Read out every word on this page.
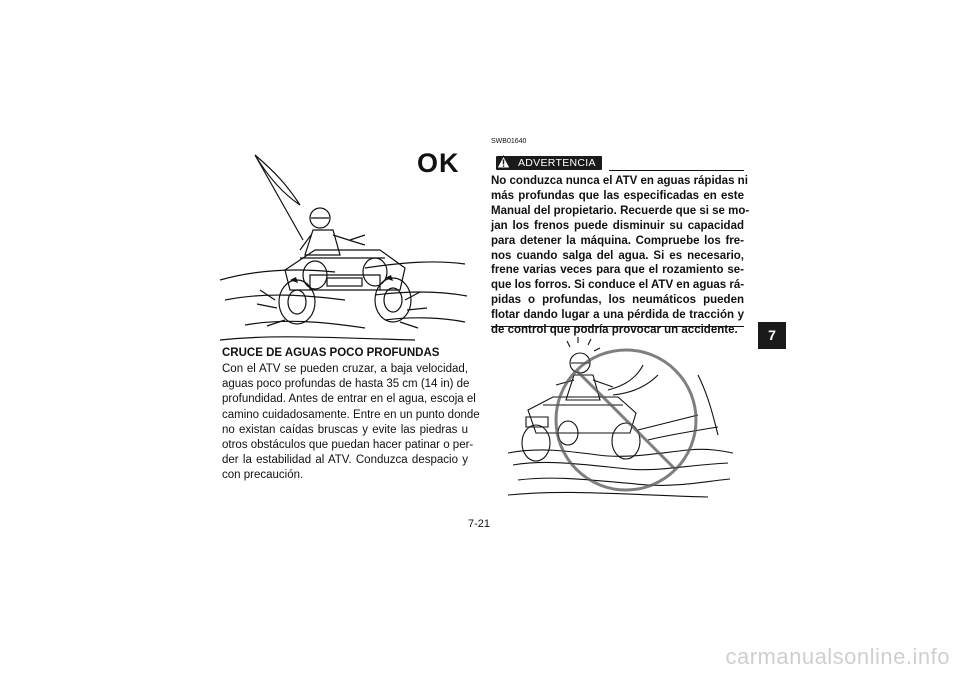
OK
CRUCE DE AGUAS POCO PROFUNDAS
Con el ATV se pueden cruzar, a baja velocidad,
aguas poco profundas de hasta 35 cm (14 in) de
profundidad. Antes de entrar en el agua, escoja el
camino cuidadosamente. Entre en un punto donde
no existan caídas bruscas y evite las piedras u
otros obstáculos que puedan hacer patinar o per-
der la estabilidad al ATV. Conduzca despacio y
con precaución.
SWB01640
ADVERTENCIA
No conduzca nunca el ATV en aguas rápidas ni
más profundas que las especificadas en este
Manual del propietario. Recuerde que si se mo-
jan los frenos puede disminuir su capacidad
para detener la máquina. Compruebe los fre-
nos cuando salga del agua. Si es necesario,
frene varias veces para que el rozamiento se-
que los forros. Si conduce el ATV en aguas rá-
pidas o profundas, los neumáticos pueden
flotar dando lugar a una pérdida de tracción y
de control que podría provocar un accidente.
7-21
7
carmanualsonline.info
